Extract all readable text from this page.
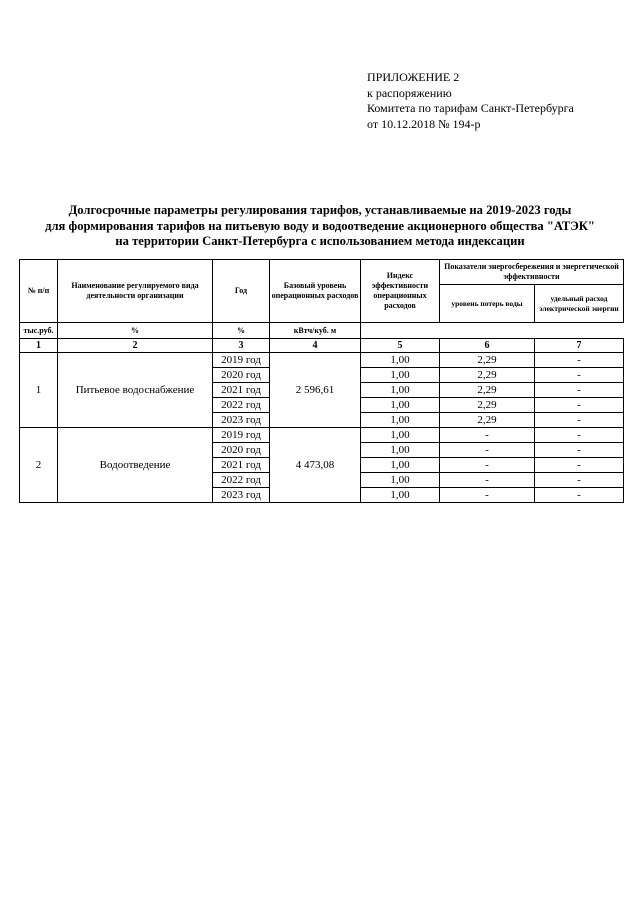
ПРИЛОЖЕНИЕ 2
к распоряжению
Комитета по тарифам Санкт-Петербурга
от 10.12.2018 № 194-р
Долгосрочные параметры регулирования тарифов, устанавливаемые на 2019-2023 годы
для формирования тарифов на питьевую воду и водоотведение акционерного общества "АТЭК"
на территории Санкт-Петербурга с использованием метода индексации
№ п/п	Наименование регулируемого вида деятельности организации	Год	Базовый уровень операционных расходов	Индекс эффективности операционных расходов	Показатели энергосбережения и энергетической эффективности	
					уровень потерь воды	удельный расход электрической энергии
тыс.руб.	%	%	кВтч/куб. м			
1	2	3	4	5	6	7
1	Питьевое водоснабжение	2019 год	2 596,61	1,00	2,29	-
		2020 год		1,00	2,29	-
		2021 год		1,00	2,29	-
		2022 год		1,00	2,29	-
		2023 год		1,00	2,29	-
2	Водоотведение	2019 год	4 473,08	1,00	-	-
		2020 год		1,00	-	-
		2021 год		1,00	-	-
		2022 год		1,00	-	-
		2023 год		1,00	-	-
